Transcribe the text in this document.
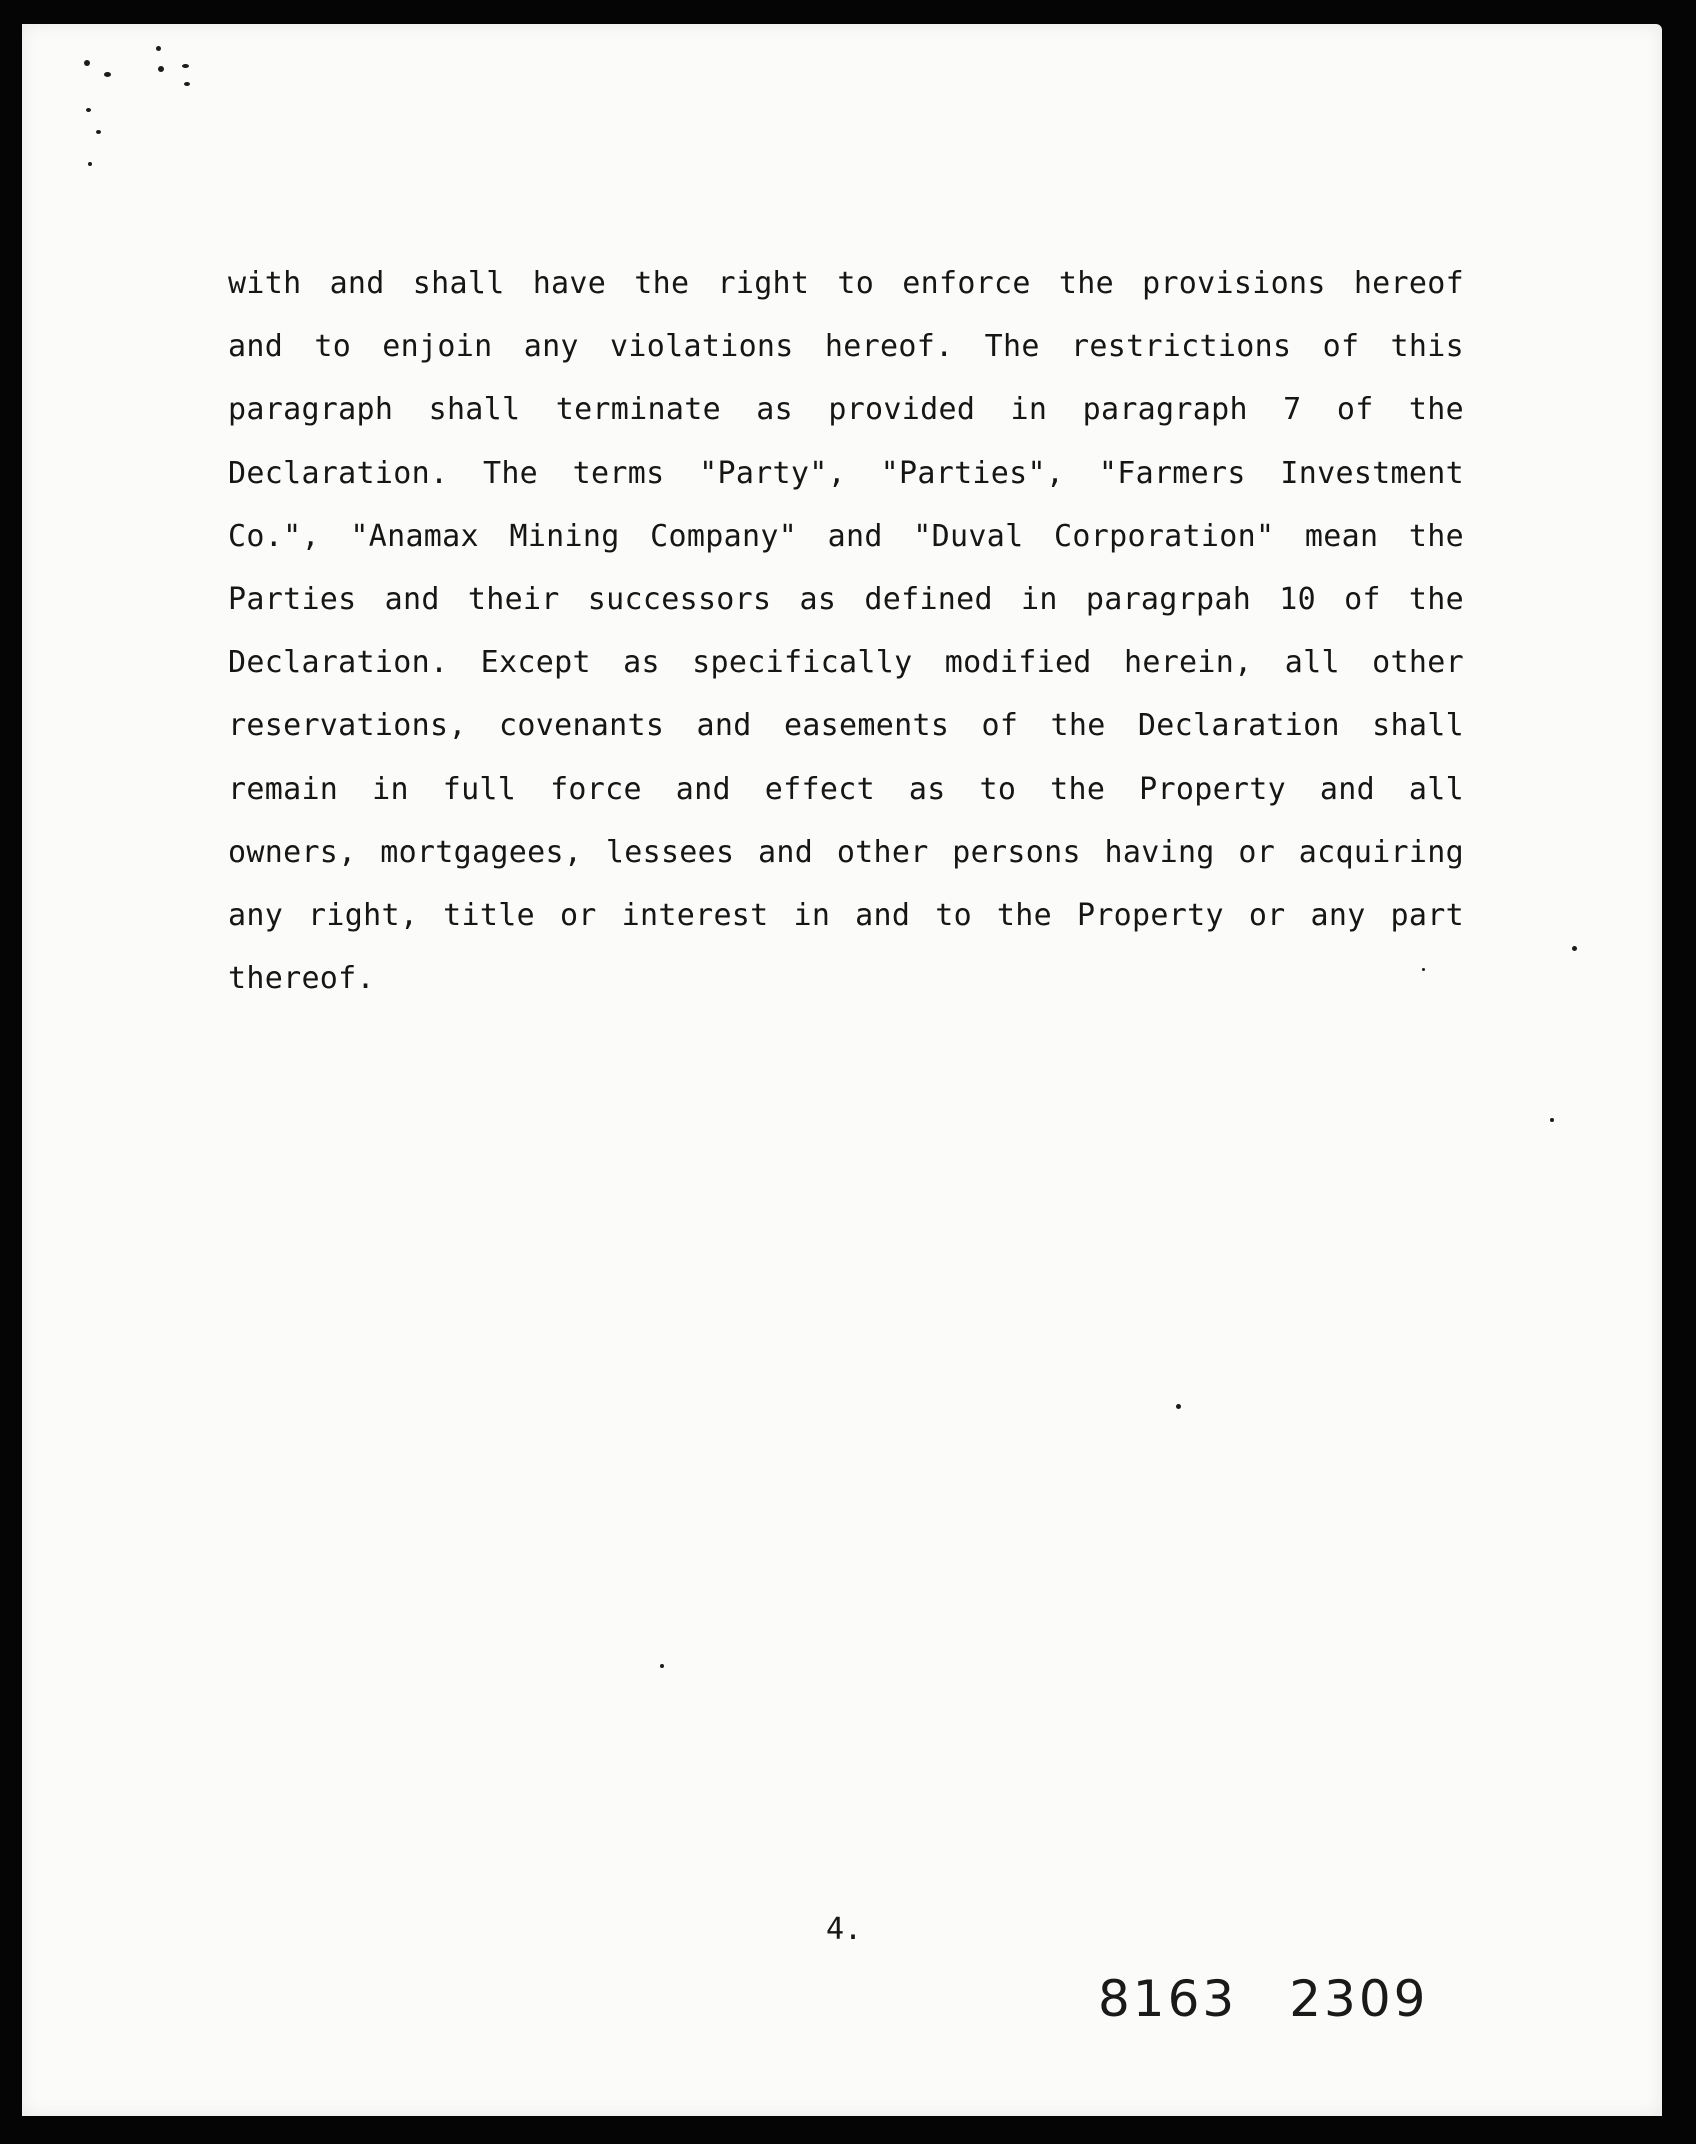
with and shall have the right to enforce the provisions hereof
and to enjoin any violations hereof. The restrictions of this
paragraph shall terminate as provided in paragraph 7 of the
Declaration. The terms "Party", "Parties", "Farmers Investment
Co.", "Anamax Mining Company" and "Duval Corporation" mean the
Parties and their successors as defined in paragrpah 10 of the
Declaration. Except as specifically modified herein, all other
reservations, covenants and easements of the Declaration shall
remain in full force and effect as to the Property and all
owners, mortgagees, lessees and other persons having or acquiring
any right, title or interest in and to the Property or any part
thereof.

4.

8163 2309
